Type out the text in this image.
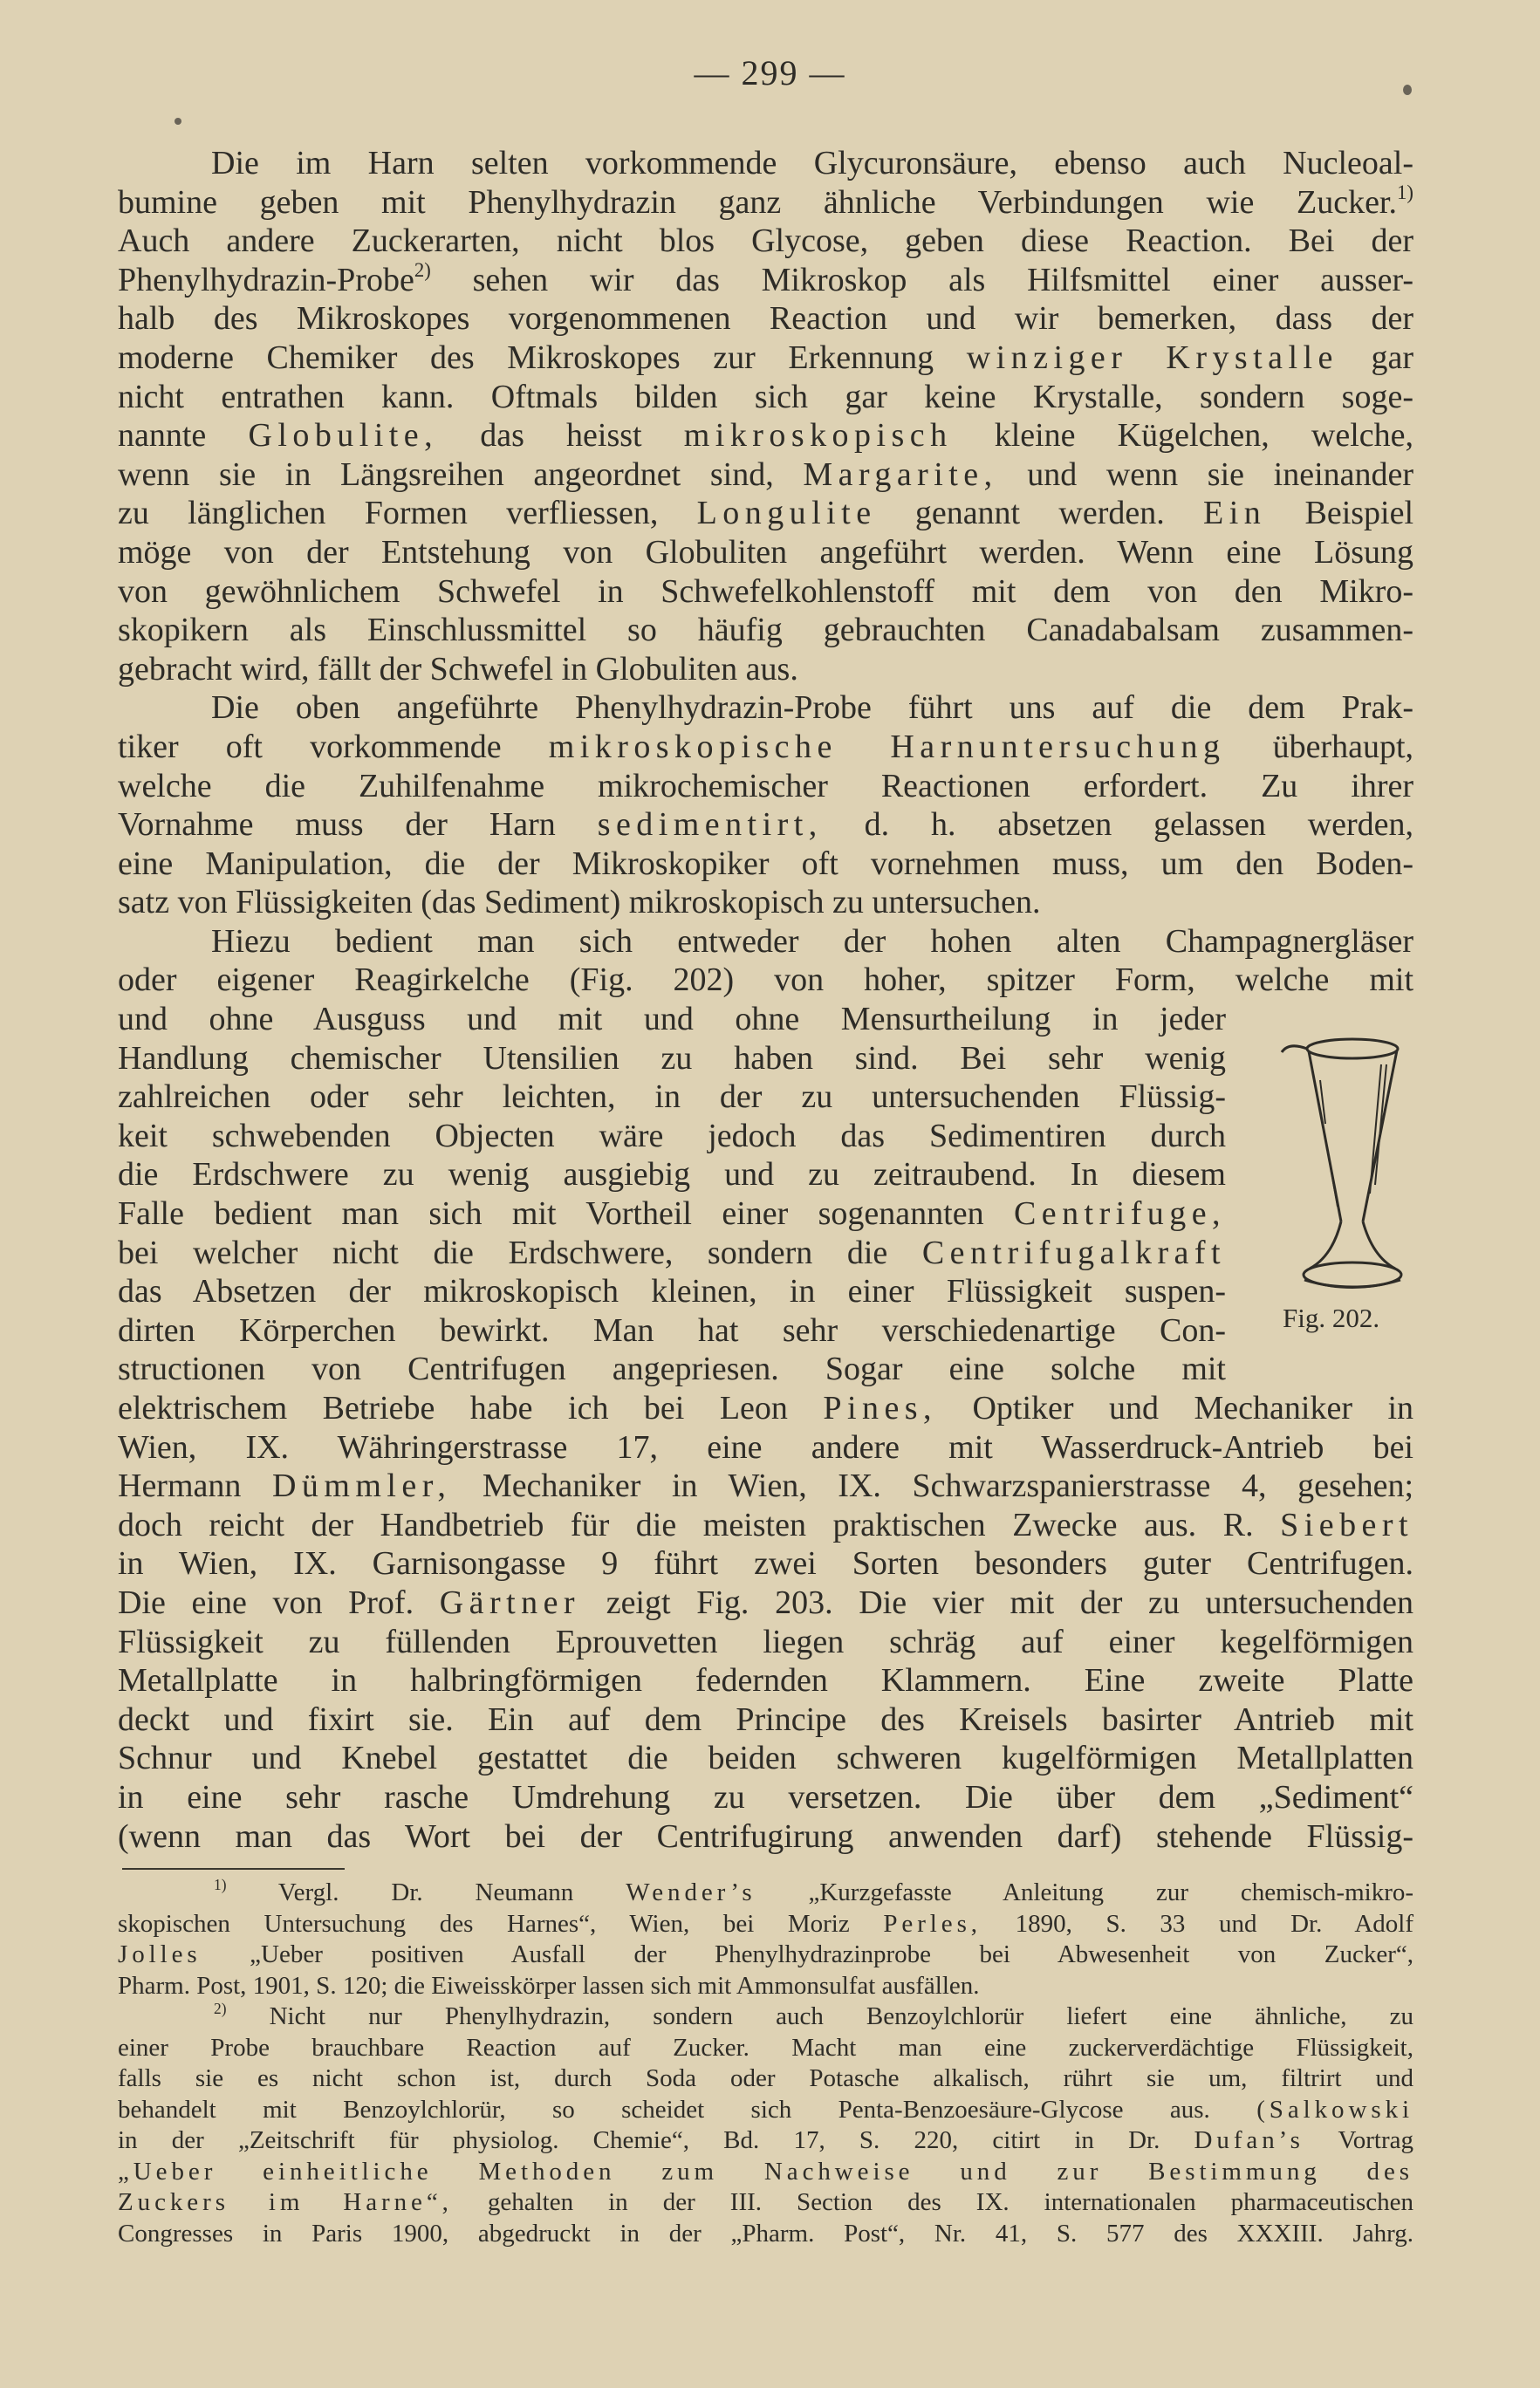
— 299 —

Die im Harn selten vorkommende Glycuronsäure, ebenso auch Nucleoal-
bumine geben mit Phenylhydrazin ganz ähnliche Verbindungen wie Zucker.$^{1)}$
Auch andere Zuckerarten, nicht blos Glycose, geben diese Reaction. Bei der
Phenylhydrazin-Probe$^{2)}$ sehen wir das Mikroskop als Hilfsmittel einer ausser-
halb des Mikroskopes vorgenommenen Reaction und wir bemerken, dass der
moderne Chemiker des Mikroskopes zur Erkennung winziger Krystalle gar
nicht entrathen kann. Oftmals bilden sich gar keine Krystalle, sondern soge-
nannte Globulite, das heisst mikroskopisch kleine Kügelchen, welche,
wenn sie in Längsreihen angeordnet sind, Margarite, und wenn sie ineinander
zu länglichen Formen verfliessen, Longulite genannt werden. Ein Beispiel
möge von der Entstehung von Globuliten angeführt werden. Wenn eine Lösung
von gewöhnlichem Schwefel in Schwefelkohlenstoff mit dem von den Mikro-
skopikern als Einschlussmittel so häufig gebrauchten Canadabalsam zusammen-
gebracht wird, fällt der Schwefel in Globuliten aus.

Die oben angeführte Phenylhydrazin-Probe führt uns auf die dem Prak-
tiker oft vorkommende mikroskopische Harnuntersuchung überhaupt,
welche die Zuhilfenahme mikrochemischer Reactionen erfordert. Zu ihrer
Vornahme muss der Harn sedimentirt, d. h. absetzen gelassen werden,
eine Manipulation, die der Mikroskopiker oft vornehmen muss, um den Boden-
satz von Flüssigkeiten (das Sediment) mikroskopisch zu untersuchen.

Hiezu bedient man sich entweder der hohen alten Champagnergläser
oder eigener Reagirkelche (Fig. 202) von hoher, spitzer Form, welche mit
und ohne Ausguss und mit und ohne Mensurtheilung in jeder
Handlung chemischer Utensilien zu haben sind. Bei sehr wenig
zahlreichen oder sehr leichten, in der zu untersuchenden Flüssig-
keit schwebenden Objecten wäre jedoch das Sedimentiren durch
die Erdschwere zu wenig ausgiebig und zu zeitraubend. In diesem
Falle bedient man sich mit Vortheil einer sogenannten Centrifuge,
bei welcher nicht die Erdschwere, sondern die Centrifugalkraft
das Absetzen der mikroskopisch kleinen, in einer Flüssigkeit suspen-
dirten Körperchen bewirkt. Man hat sehr verschiedenartige Con-
structionen von Centrifugen angepriesen. Sogar eine solche mit
elektrischem Betriebe habe ich bei Leon Pines, Optiker und Mechaniker in
Wien, IX. Währingerstrasse 17, eine andere mit Wasserdruck-Antrieb bei
Hermann Dümmler, Mechaniker in Wien, IX. Schwarzspanierstrasse 4, gesehen;
doch reicht der Handbetrieb für die meisten praktischen Zwecke aus. R. Siebert
in Wien, IX. Garnisongasse 9 führt zwei Sorten besonders guter Centrifugen.
Die eine von Prof. Gärtner zeigt Fig. 203. Die vier mit der zu untersuchenden
Flüssigkeit zu füllenden Eprouvetten liegen schräg auf einer kegelförmigen
Metallplatte in halbringförmigen federnden Klammern. Eine zweite Platte
deckt und fixirt sie. Ein auf dem Principe des Kreisels basirter Antrieb mit
Schnur und Knebel gestattet die beiden schweren kugelförmigen Metallplatten
in eine sehr rasche Umdrehung zu versetzen. Die über dem „Sediment“
(wenn man das Wort bei der Centrifugirung anwenden darf) stehende Flüssig-

Fig. 202.
$^{1)}$ Vergl. Dr. Neumann Wender’s „Kurzgefasste Anleitung zur chemisch-mikro-
skopischen Untersuchung des Harnes“, Wien, bei Moriz Perles, 1890, S. 33 und Dr. Adolf
Jolles „Ueber positiven Ausfall der Phenylhydrazinprobe bei Abwesenheit von Zucker“,
Pharm. Post, 1901, S. 120; die Eiweisskörper lassen sich mit Ammonsulfat ausfällen.
$^{2)}$ Nicht nur Phenylhydrazin, sondern auch Benzoylchlorür liefert eine ähnliche, zu
einer Probe brauchbare Reaction auf Zucker. Macht man eine zuckerverdächtige Flüssigkeit,
falls sie es nicht schon ist, durch Soda oder Potasche alkalisch, rührt sie um, filtrirt und
behandelt mit Benzoylchlorür, so scheidet sich Penta-Benzoesäure-Glycose aus. (Salkowski
in der „Zeitschrift für physiolog. Chemie“, Bd. 17, S. 220, citirt in Dr. Dufan’s Vortrag
„Ueber einheitliche Methoden zum Nachweise und zur Bestimmung des
Zuckers im Harne“, gehalten in der III. Section des IX. internationalen pharmaceutischen
Congresses in Paris 1900, abgedruckt in der „Pharm. Post“, Nr. 41, S. 577 des XXXIII. Jahrg.
